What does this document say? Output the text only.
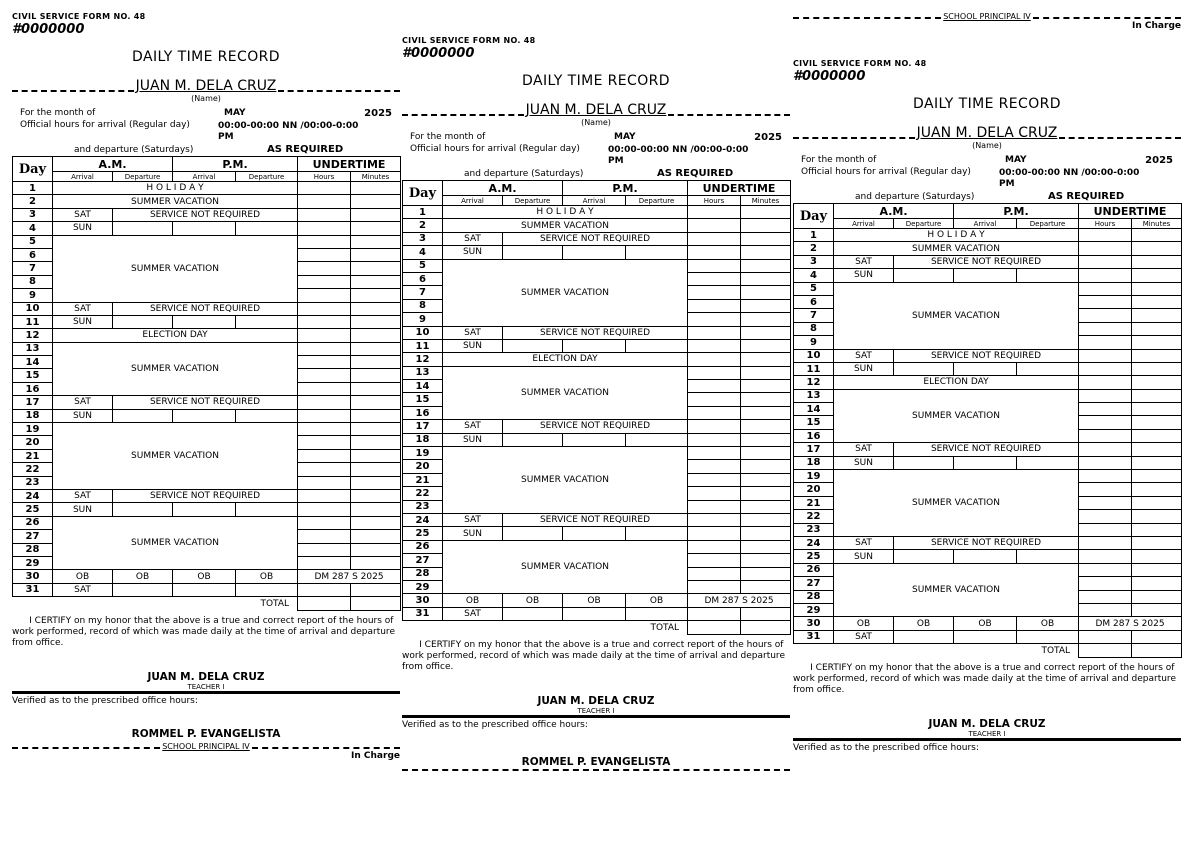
CIVIL SERVICE FORM NO. 48
#0000000
DAILY TIME RECORD
JUAN M. DELA CRUZ
(Name)
For the month of	MAY	2025
Official hours for arrival (Regular day)	00:00-00:00 NN /00:00-0:00
PM
and departure (Saturdays)	AS REQUIRED
Day	A.M.		P.M.		UNDERTIME	
	Arrival	Departure	Arrival	Departure	Hours	Minutes
1	H O L I D A Y					
2	SUMMER VACATION					
3	SAT	SERVICE NOT REQUIRED				
4	SUN					
5	SUMMER VACATION					
6						
7						
8						
9						
10	SAT	SERVICE NOT REQUIRED				
11	SUN					
12	ELECTION DAY					
13	SUMMER VACATION					
14						
15						
16						
17	SAT	SERVICE NOT REQUIRED				
18	SUN					
19	SUMMER VACATION					
20						
21						
22						
23						
24	SAT	SERVICE NOT REQUIRED				
25	SUN					
26	SUMMER VACATION					
27						
28						
29						
30	OB	OB	OB	OB	DM 287 S 2025	
31	SAT					
	TOTAL					
I CERTIFY on my honor that the above is a true and correct report of the hours of work performed, record of which was made daily at the time of arrival and departure from office.
JUAN M. DELA CRUZ
TEACHER I
Verified as to the prescribed office hours:
ROMMEL P. EVANGELISTA
SCHOOL PRINCIPAL IV
In Charge
CIVIL SERVICE FORM NO. 48
#0000000
DAILY TIME RECORD
JUAN M. DELA CRUZ
(Name)
For the month of	MAY	2025
Official hours for arrival (Regular day)	00:00-00:00 NN /00:00-0:00
PM
and departure (Saturdays)	AS REQUIRED
Day	A.M.		P.M.		UNDERTIME	
	Arrival	Departure	Arrival	Departure	Hours	Minutes
1	H O L I D A Y					
2	SUMMER VACATION					
3	SAT	SERVICE NOT REQUIRED				
4	SUN					
5	SUMMER VACATION					
6						
7						
8						
9						
10	SAT	SERVICE NOT REQUIRED				
11	SUN					
12	ELECTION DAY					
13	SUMMER VACATION					
14						
15						
16						
17	SAT	SERVICE NOT REQUIRED				
18	SUN					
19	SUMMER VACATION					
20						
21						
22						
23						
24	SAT	SERVICE NOT REQUIRED				
25	SUN					
26	SUMMER VACATION					
27						
28						
29						
30	OB	OB	OB	OB	DM 287 S 2025	
31	SAT					
	TOTAL					
I CERTIFY on my honor that the above is a true and correct report of the hours of work performed, record of which was made daily at the time of arrival and departure from office.
JUAN M. DELA CRUZ
TEACHER I
Verified as to the prescribed office hours:
ROMMEL P. EVANGELISTA
CIVIL SERVICE FORM NO. 48
#0000000
DAILY TIME RECORD
JUAN M. DELA CRUZ
(Name)
For the month of	MAY	2025
Official hours for arrival (Regular day)	00:00-00:00 NN /00:00-0:00
PM
and departure (Saturdays)	AS REQUIRED
Day	A.M.		P.M.		UNDERTIME	
	Arrival	Departure	Arrival	Departure	Hours	Minutes
1	H O L I D A Y					
2	SUMMER VACATION					
3	SAT	SERVICE NOT REQUIRED				
4	SUN					
5	SUMMER VACATION					
6						
7						
8						
9						
10	SAT	SERVICE NOT REQUIRED				
11	SUN					
12	ELECTION DAY					
13	SUMMER VACATION					
14						
15						
16						
17	SAT	SERVICE NOT REQUIRED				
18	SUN					
19	SUMMER VACATION					
20						
21						
22						
23						
24	SAT	SERVICE NOT REQUIRED				
25	SUN					
26	SUMMER VACATION					
27						
28						
29						
30	OB	OB	OB	OB	DM 287 S 2025	
31	SAT					
	TOTAL					
I CERTIFY on my honor that the above is a true and correct report of the hours of work performed, record of which was made daily at the time of arrival and departure from office.
JUAN M. DELA CRUZ
TEACHER I
Verified as to the prescribed office hours:
SCHOOL PRINCIPAL IV
In Charge
